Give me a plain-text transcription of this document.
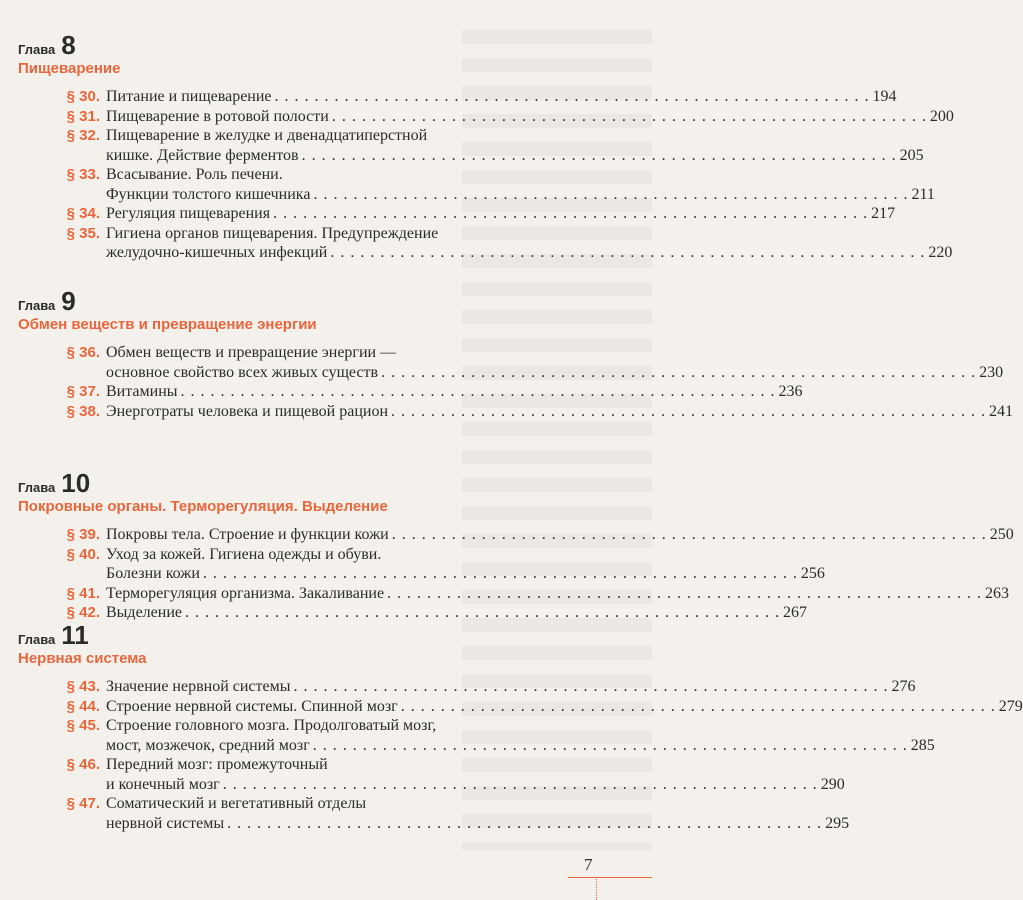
Глава 8
Пищеварение
§ 30. Питание и пищеварение . . .	194
§ 31. Пищеварение в ротовой полости . . .	200
§ 32. Пищеварение в желудке и двенадцатиперстной
кишке. Действие ферментов . . .	205
§ 33. Всасывание. Роль печени.
Функции толстого кишечника . . .	211
§ 34. Регуляция пищеварения . . .	217
§ 35. Гигиена органов пищеварения. Предупреждение
желудочно-кишечных инфекций . . .	220
Глава 9
Обмен веществ и превращение энергии
§ 36. Обмен веществ и превращение энергии —
основное свойство всех живых существ . . .	230
§ 37. Витамины . . .	236
§ 38. Энерготраты человека и пищевой рацион . . .	241
Глава 10
Покровные органы. Терморегуляция. Выделение
§ 39. Покровы тела. Строение и функции кожи . . .	250
§ 40. Уход за кожей. Гигиена одежды и обуви.
Болезни кожи . . .	256
§ 41. Терморегуляция организма. Закаливание . . .	263
§ 42. Выделение . . .	267
Глава 11
Нервная система
§ 43. Значение нервной системы . . .	276
§ 44. Строение нервной системы. Спинной мозг . . .	279
§ 45. Строение головного мозга. Продолговатый мозг,
мост, мозжечок, средний мозг . . .	285
§ 46. Передний мозг: промежуточный
и конечный мозг . . .	290
§ 47. Соматический и вегетативный отделы
нервной системы . . .	295
7
